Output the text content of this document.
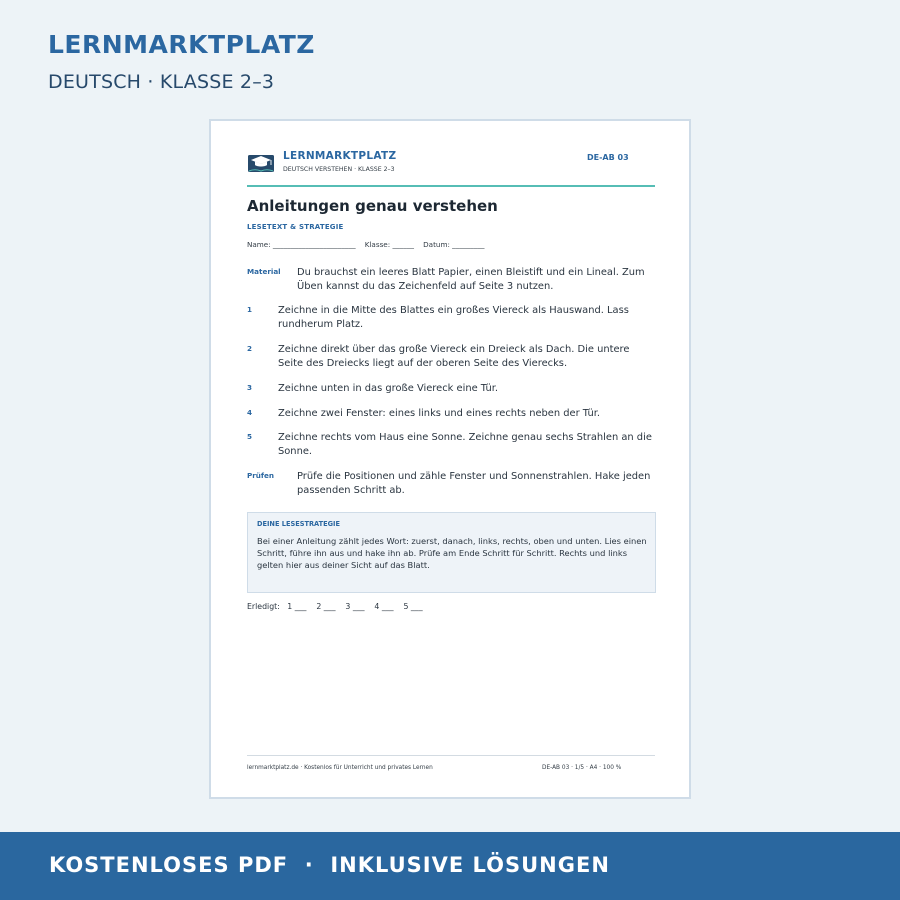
LERNMARKTPLATZ
DEUTSCH · KLASSE 2–3
LERNMARKTPLATZ
DEUTSCH VERSTEHEN · KLASSE 2–3
DE-AB 03
Anleitungen genau verstehen
LESETEXT & STRATEGIE
Name: _______________________    Klasse: ______    Datum: _________
Material Du brauchst ein leeres Blatt Papier, einen Bleistift und ein Lineal. Zum Üben kannst du das Zeichenfeld auf Seite 3 nutzen.
1	Zeichne in die Mitte des Blattes ein großes Viereck als Hauswand. Lass rundherum Platz.
2	Zeichne direkt über das große Viereck ein Dreieck als Dach. Die untere Seite des Dreiecks liegt auf der oberen Seite des Vierecks.
3	Zeichne unten in das große Viereck eine Tür.
4	Zeichne zwei Fenster: eines links und eines rechts neben der Tür.
5	Zeichne rechts vom Haus eine Sonne. Zeichne genau sechs Strahlen an die Sonne.
Prüfen Prüfe die Positionen und zähle Fenster und Sonnenstrahlen. Hake jeden passenden Schritt ab.
DEINE LESESTRATEGIE
Bei einer Anleitung zählt jedes Wort: zuerst, danach, links, rechts, oben und unten. Lies einen Schritt, führe ihn aus und hake ihn ab. Prüfe am Ende Schritt für Schritt. Rechts und links gelten hier aus deiner Sicht auf das Blatt.
Erledigt:   1 ___    2 ___    3 ___    4 ___    5 ___
lernmarktplatz.de · Kostenlos für Unterricht und privates Lernen	DE-AB 03 · 1/5 · A4 · 100 %
KOSTENLOSES PDF  ·  INKLUSIVE LÖSUNGEN
